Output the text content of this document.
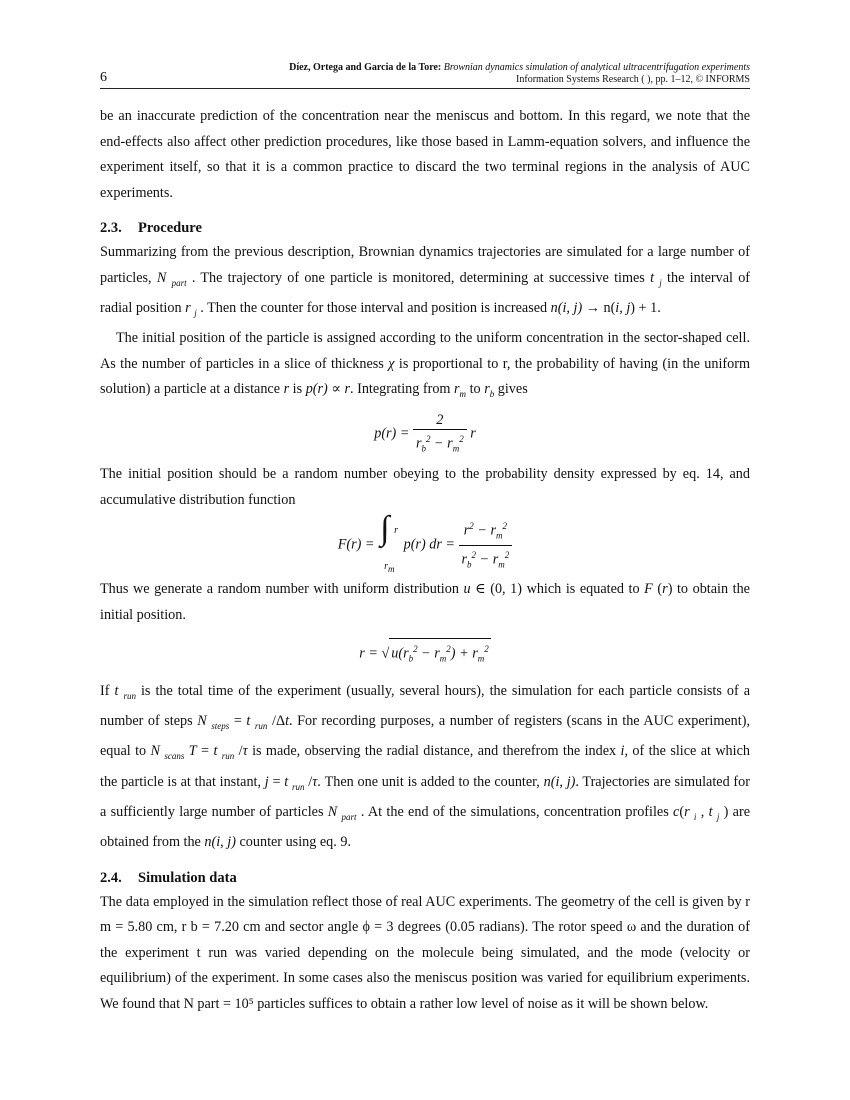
6
Díez, Ortega and Garcia de la Tore: Brownian dynamics simulation of analytical ultracentrifugation experiments
Information Systems Research ( ), pp. 1–12, © INFORMS

be an inaccurate prediction of the concentration near the meniscus and bottom. In this regard, we note that the end-effects also affect other prediction procedures, like those based in Lamm-equation solvers, and influence the experiment itself, so that it is a common practice to discard the two terminal regions in the analysis of AUC experiments.

2.3. Procedure

Summarizing from the previous description, Brownian dynamics trajectories are simulated for a large number of particles, N $_{part}$ . The trajectory of one particle is monitored, determining at successive times t $_j$ the interval of radial position r $_j$ . Then the counter for those interval and position is increased n(i, j) → n(i, j) + 1.

The initial position of the particle is assigned according to the uniform concentration in the sector-shaped cell. As the number of particles in a slice of thickness χ is proportional to r, the probability of having (in the uniform solution) a particle at a distance r is p(r) ∝ r. Integrating from $r_m$ to $r_b$ gives

$p(r) = \frac{2}{r_b^2 - r_m^2}$ r

The initial position should be a random number obeying to the probability density expressed by eq. 14, and accumulative distribution function

F(r) = ∫ r
$r_m$
p(r) dr = $\frac{r^2 - r_m^2}{r_b^2 - r_m^2}$

Thus we generate a random number with uniform distribution u ∈ (0, 1) which is equated to F (r) to obtain the initial position.

r = √ $u(r_b^2 - r_m^2) + r_m^2$

If t $_{run}$ is the total time of the experiment (usually, several hours), the simulation for each particle consists of a number of steps N $_{steps}$ = t $_{run}$ /Δt. For recording purposes, a number of registers (scans in the AUC experiment), equal to N $_{scans}$ T = t $_{run}$ /τ is made, observing the radial distance, and therefrom the index i, of the slice at which the particle is at that instant, j = t $_{run}$ /τ. Then one unit is added to the counter, n(i, j). Trajectories are simulated for a sufficiently large number of particles N $_{part}$ . At the end of the simulations, concentration profiles c(r $_i$ , t $_j$ ) are obtained from the n(i, j) counter using eq. 9.

2.4. Simulation data

The data employed in the simulation reflect those of real AUC experiments. The geometry of the cell is given by r m = 5.80 cm, r b = 7.20 cm and sector angle ϕ = 3 degrees (0.05 radians). The rotor speed ω and the duration of the experiment t run was varied depending on the molecule being simulated, and the mode (velocity or equilibrium) of the experiment. In some cases also the meniscus position was varied for equilibrium experiments. We found that N part = 10⁵ particles suffices to obtain a rather low level of noise as it will be shown below.
